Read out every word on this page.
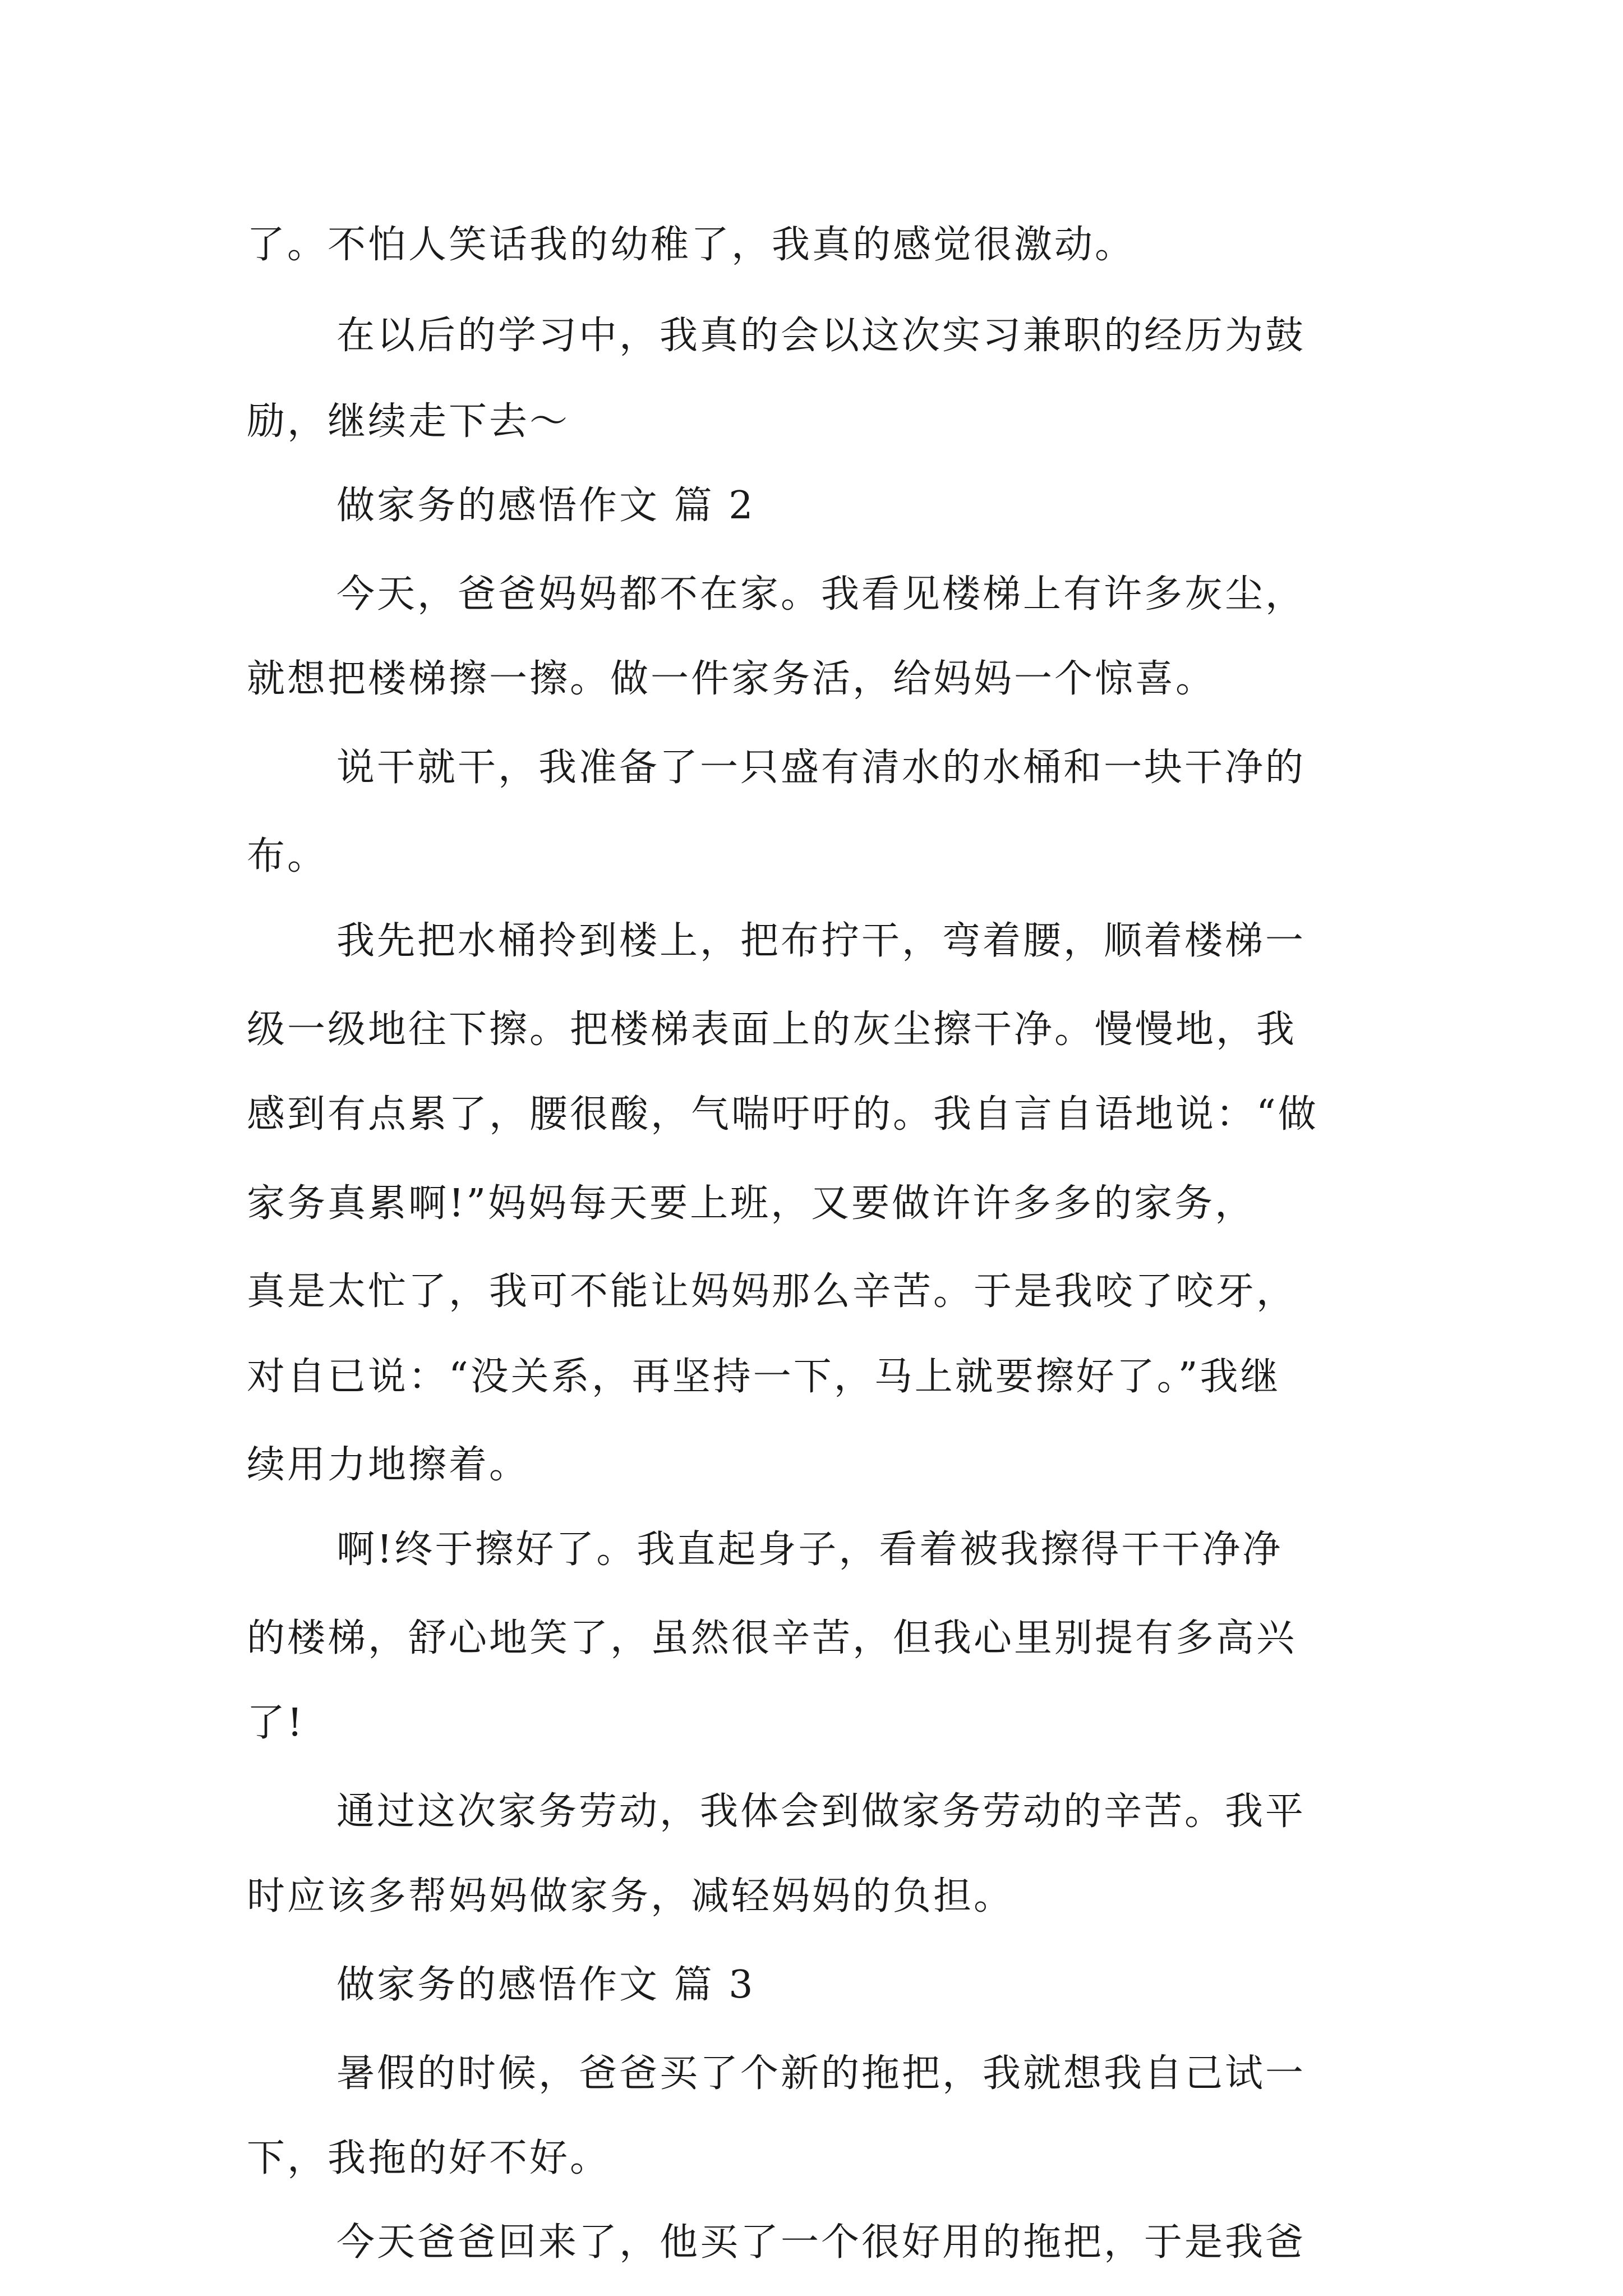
了。不怕人笑话我的幼稚了，我真的感觉很激动。
在以后的学习中，我真的会以这次实习兼职的经历为鼓
励，继续走下去～
做家务的感悟作文 篇 2
今天，爸爸妈妈都不在家。我看见楼梯上有许多灰尘，
就想把楼梯擦一擦。做一件家务活，给妈妈一个惊喜。
说干就干，我准备了一只盛有清水的水桶和一块干净的
布。
我先把水桶拎到楼上，把布拧干，弯着腰，顺着楼梯一
级一级地往下擦。把楼梯表面上的灰尘擦干净。慢慢地，我
感到有点累了，腰很酸，气喘吁吁的。我自言自语地说：“做
家务真累啊!”妈妈每天要上班，又要做许许多多的家务，
真是太忙了，我可不能让妈妈那么辛苦。于是我咬了咬牙，
对自已说：“没关系，再坚持一下，马上就要擦好了。”我继
续用力地擦着。
啊!终于擦好了。我直起身子，看着被我擦得干干净净
的楼梯，舒心地笑了，虽然很辛苦，但我心里别提有多高兴
了!
通过这次家务劳动，我体会到做家务劳动的辛苦。我平
时应该多帮妈妈做家务，减轻妈妈的负担。
做家务的感悟作文 篇 3
暑假的时候，爸爸买了个新的拖把，我就想我自己试一
下，我拖的好不好。
今天爸爸回来了，他买了一个很好用的拖把，于是我爸
